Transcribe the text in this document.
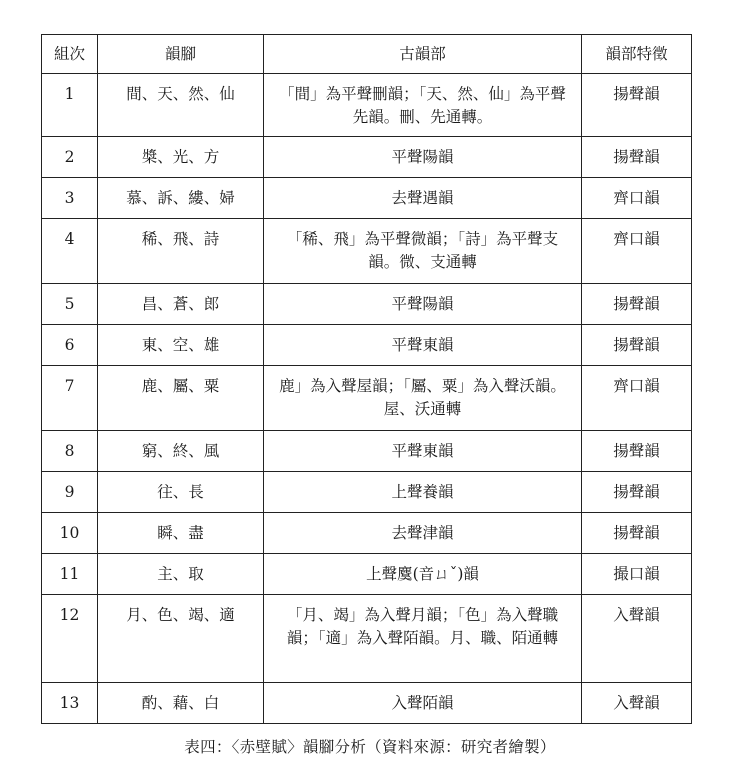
組次	韻腳	古韻部	韻部特徵
1	間、天、然、仙	「間」為平聲刪韻；「天、然、仙」為平聲先韻。刪、先通轉。	揚聲韻
2	槳、光、方	平聲陽韻	揚聲韻
3	慕、訴、縷、婦	去聲遇韻	齊口韻
4	稀、飛、詩	「稀、飛」為平聲微韻；「詩」為平聲支韻。微、支通轉	齊口韻
5	昌、蒼、郎	平聲陽韻	揚聲韻
6	東、空、雄	平聲東韻	揚聲韻
7	鹿、屬、粟	鹿」為入聲屋韻；「屬、粟」為入聲沃韻。屋、沃通轉	齊口韻
8	窮、終、風	平聲東韻	揚聲韻
9	往、長	上聲養韻	揚聲韻
10	瞬、盡	去聲津韻	揚聲韻
11	主、取	上聲麌(音ㄩˇ)韻	撮口韻
12	月、色、竭、適	「月、竭」為入聲月韻；「色」為入聲職韻；「適」為入聲陌韻。月、職、陌通轉	入聲韻
13	酌、藉、白	入聲陌韻	入聲韻
表四：〈赤壁賦〉韻腳分析（資料來源：研究者繪製）
